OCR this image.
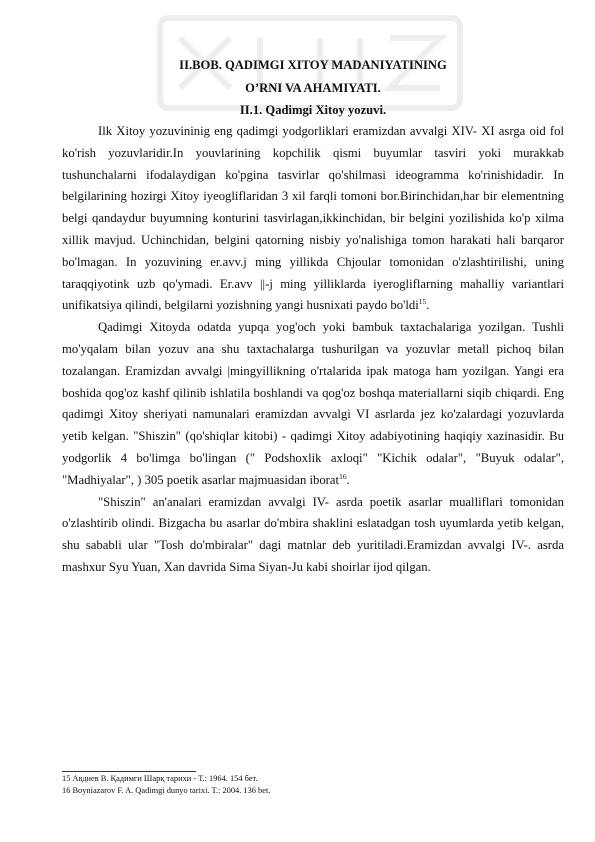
II.BOB. QADIMGI XITOY MADANIYATINING
O’RNI VA AHAMIYATI.
II.1. Qadimgi Xitoy yozuvi.

Ilk Xitoy yozuvininig eng qadimgi yodgorliklari eramizdan avvalgi XIV- XI asrga oid fol ko'rish yozuvlaridir.In youvlarining kopchilik qismi buyumlar tasviri yoki murakkab tushunchalarni ifodalaydigan ko'pgina tasvirlar qo'shilmasi ideogramma ko'rinishidadir. In belgilarining hozirgi Xitoy iyeogliflaridan 3 xil farqli tomoni bor.Birinchidan,har bir elementning belgi qandaydur buyumning konturini tasvirlagan,ikkinchidan, bir belgini yozilishida ko'p xilma xillik mavjud. Uchinchidan, belgini qatorning nisbiy yo'nalishiga tomon harakati hali barqaror bo'lmagan. In yozuvining er.avv.j ming yillikda Chjoular tomonidan o'zlashtirilishi, uning taraqqiyotink uzb qo'ymadi. Er.avv ||-j ming yilliklarda iyerogliflarning mahalliy variantlari unifikatsiya qilindi, belgilarni yozishning yangi husnixati paydo bo'ldi$^{15}$.

Qadimgi Xitoyda odatda yupqa yog'och yoki bambuk taxtachalariga yozilgan. Tushli mo'yqalam bilan yozuv ana shu taxtachalarga tushurilgan va yozuvlar metall pichoq bilan tozalangan. Eramizdan avvalgi |mingyillikning o'rtalarida ipak matoga ham yozilgan. Yangi era boshida qog'oz kashf qilinib ishlatila boshlandi va qog'oz boshqa materiallarni siqib chiqardi. Eng qadimgi Xitoy sheriyati namunalari eramizdan avvalgi VI asrlarda jez ko'zalardagi yozuvlarda yetib kelgan. "Shiszin" (qo'shiqlar kitobi) - qadimgi Xitoy adabiyotining haqiqiy xazinasidir. Bu yodgorlik 4 bo'limga bo'lingan (" Podshoxlik axloqi" "Kichik odalar", "Buyuk odalar", "Madhiyalar", ) 305 poetik asarlar majmuasidan iborat$^{16}$.

"Shiszin" an'analari eramizdan avvalgi IV- asrda poetik asarlar mualliflari tomonidan o'zlashtirib olindi. Bizgacha bu asarlar do'mbira shaklini eslatadgan tosh uyumlarda yetib kelgan, shu sababli ular "Tosh do'mbiralar" dagi matnlar deb yuritiladi.Eramizdan avvalgi IV-. asrda mashxur Syu Yuan, Xan davrida Sima Siyan-Ju kabi shoirlar ijod qilgan.

15 Авдиев В. Қадимги Шарқ тарихи - Т.: 1964. 154 бет.
16 Boyniazarov F. A. Qadimgi dunyo tarixi. T.: 2004. 136 bet.
